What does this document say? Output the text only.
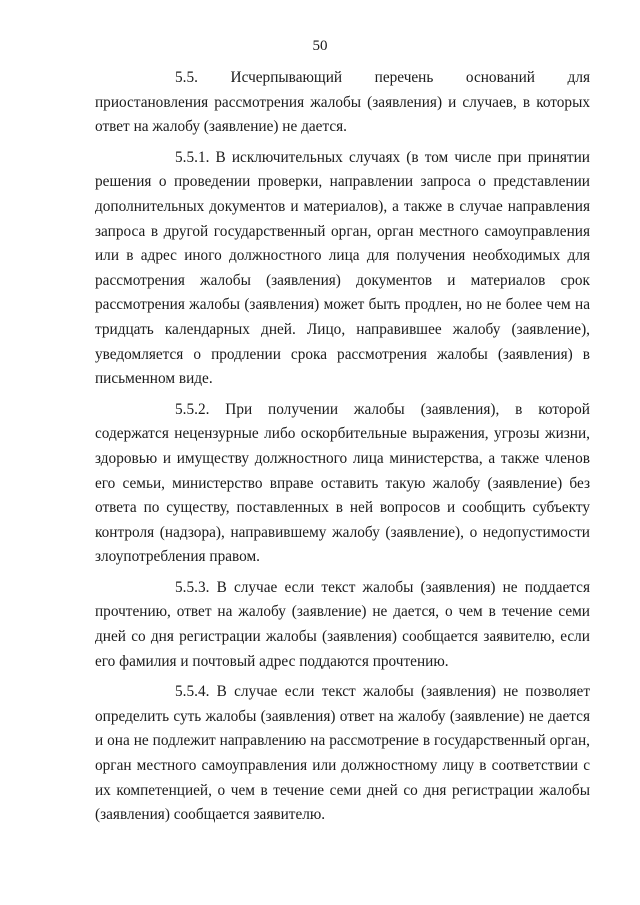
50

5.5. Исчерпывающий перечень оснований для приостановления рассмотрения жалобы (заявления) и случаев, в которых ответ на жалобу (заявление) не дается.

5.5.1. В исключительных случаях (в том числе при принятии решения о проведении проверки, направлении запроса о представлении дополнительных документов и материалов), а также в случае направления запроса в другой государственный орган, орган местного самоуправления или в адрес иного должностного лица для получения необходимых для рассмотрения жалобы (заявления) документов и материалов срок рассмотрения жалобы (заявления) может быть продлен, но не более чем на тридцать календарных дней. Лицо, направившее жалобу (заявление), уведомляется о продлении срока рассмотрения жалобы (заявления) в письменном виде.

5.5.2. При получении жалобы (заявления), в которой содержатся нецензурные либо оскорбительные выражения, угрозы жизни, здоровью и имуществу должностного лица министерства, а также членов его семьи, министерство вправе оставить такую жалобу (заявление) без ответа по существу, поставленных в ней вопросов и сообщить субъекту контроля (надзора), направившему жалобу (заявление), о недопустимости злоупотребления правом.

5.5.3. В случае если текст жалобы (заявления) не поддается прочтению, ответ на жалобу (заявление) не дается, о чем в течение семи дней со дня регистрации жалобы (заявления) сообщается заявителю, если его фамилия и почтовый адрес поддаются прочтению.

5.5.4. В случае если текст жалобы (заявления) не позволяет определить суть жалобы (заявления) ответ на жалобу (заявление) не дается и она не подлежит направлению на рассмотрение в государственный орган, орган местного самоуправления или должностному лицу в соответствии с их компетенцией, о чем в течение семи дней со дня регистрации жалобы (заявления) сообщается заявителю.
